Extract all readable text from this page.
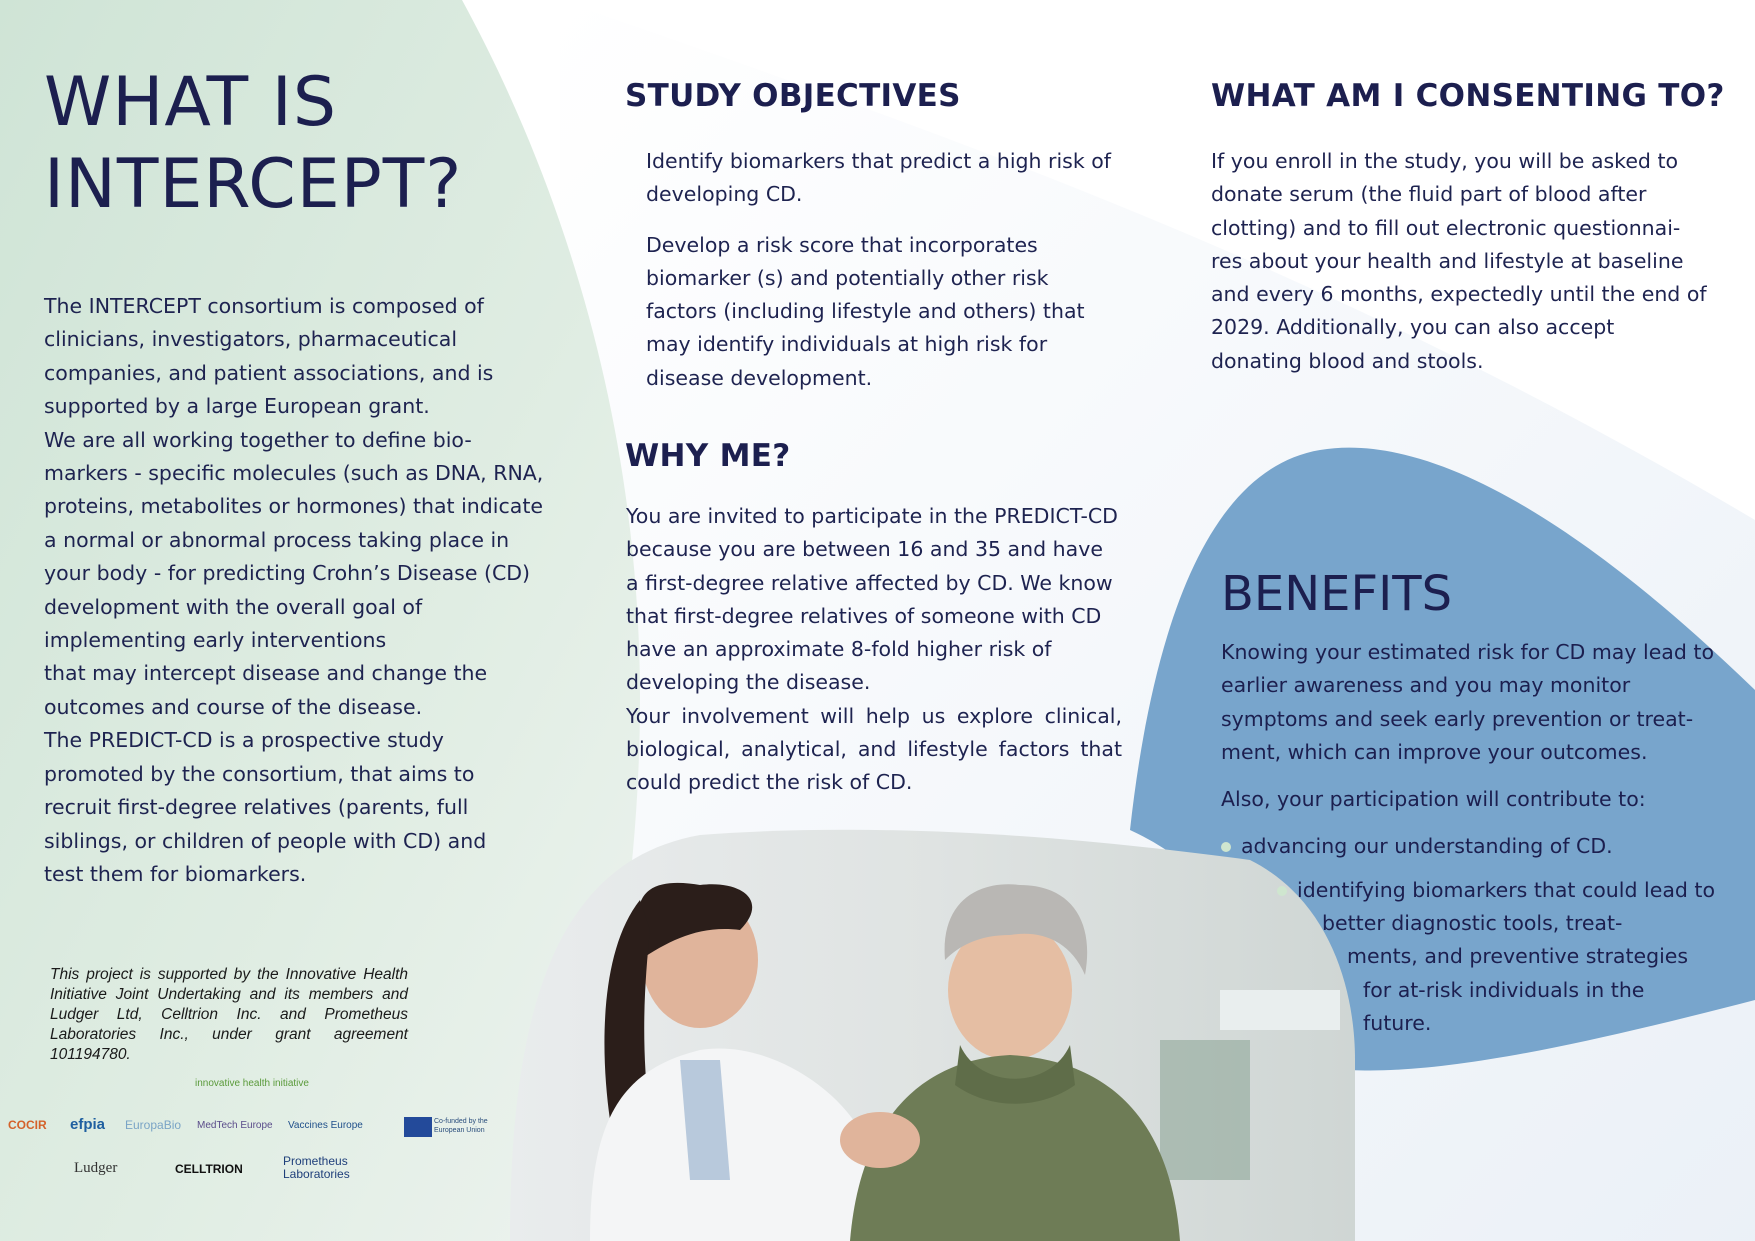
WHAT IS
INTERCEPT?

The INTERCEPT consortium is composed of

clinicians, investigators, pharmaceutical

companies, and patient associations, and is

supported by a large European grant.

We are all working together to define bio-

markers - specific molecules (such as DNA, RNA,

proteins, metabolites or hormones) that indicate

a normal or abnormal process taking place in

your body - for predicting Crohn’s Disease (CD)

development with the overall goal of

implementing early interventions

that may intercept disease and change the

outcomes and course of the disease.

The PREDICT-CD is a prospective study

promoted by the consortium, that aims to

recruit first-degree relatives (parents, full

siblings, or children of people with CD) and

test them for biomarkers.

This project is supported by the Innovative Health Initiative Joint Undertaking and its members and Ludger Ltd, Celltrion Inc. and Prometheus Laboratories Inc., under grant agreement 101194780.
innovative health initiative
COCIR efpia EuropaBio MedTech Europe Vaccines Europe	Co-funded by the European Union
Ludger	CELLTRION
Prometheus Laboratories
STUDY OBJECTIVES

Identify biomarkers that predict a high risk of developing CD.

Develop a risk score that incorporates biomarker (s) and potentially other risk factors (including lifestyle and others) that may identify individuals at high risk for disease development.

WHY ME?

You are invited to participate in the PREDICT-CD because you are between 16 and 35 and have a first-degree relative affected by CD. We know that first-degree relatives of someone with CD have an approximate 8-fold higher risk of developing the disease.

Your involvement will help us explore clinical, biological, analytical, and lifestyle factors that could predict the risk of CD.

WHAT AM I CONSENTING TO?
If you enroll in the study, you will be asked to donate serum (the fluid part of blood after clotting) and to fill out electronic questionnai-res about your health and lifestyle at baseline and every 6 months, expectedly until the end of 2029. Additionally, you can also accept donating blood and stools.
BENEFITS

Knowing your estimated risk for CD may lead to earlier awareness and you may monitor symptoms and seek early prevention or treat-ment, which can improve your outcomes.

Also, your participation will contribute to:

advancing our understanding of CD.
identifying biomarkers that could lead to
better diagnostic tools, treat-
ments, and preventive strategies
for at-risk individuals in the
future.
